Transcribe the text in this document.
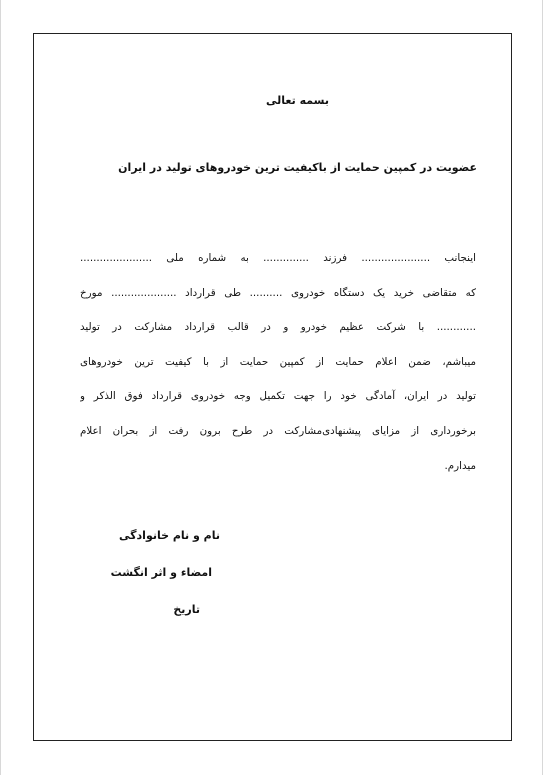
بسمه تعالی
عضویت در کمپین حمایت از باکیفیت ترین خودروهای تولید در ایران
اینجانب ..................... فرزند .............. به شماره ملی ......................
که متقاضی خرید یک دستگاه خودروی .......... طی قرارداد .................... مورخ
............ با شرکت عظیم خودرو و در قالب قرارداد مشارکت در تولید
میباشم، ضمن اعلام حمایت از کمپین حمایت از با کیفیت ترین خودروهای
تولید در ایران، آمادگی خود را جهت تکمیل وجه خودروی قرارداد فوق الذکر و
برخورداری از مزایای پیشنهادی‌مشارکت در طرح برون رفت از بحران اعلام
میدارم.
نام و نام خانوادگی
امضاء و اثر انگشت
تاریخ
